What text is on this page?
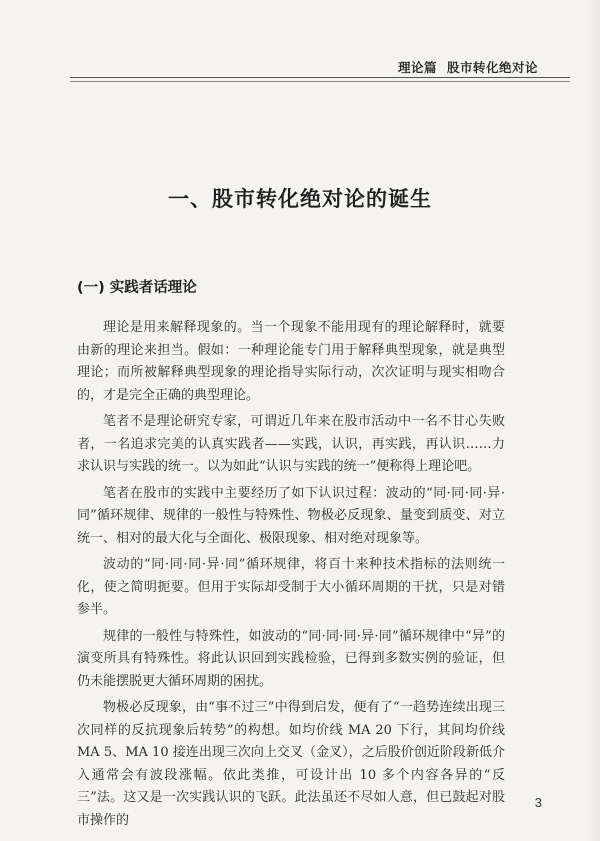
理论篇 股市转化绝对论
一、股市转化绝对论的诞生
(一) 实践者话理论

理论是用来解释现象的。当一个现象不能用现有的理论解释时，就要由新的理论来担当。假如：一种理论能专门用于解释典型现象，就是典型理论；而所被解释典型现象的理论指导实际行动，次次证明与现实相吻合的，才是完全正确的典型理论。

笔者不是理论研究专家，可谓近几年来在股市活动中一名不甘心失败者，一名追求完美的认真实践者——实践，认识，再实践，再认识……力求认识与实践的统一。以为如此“认识与实践的统一”便称得上理论吧。

笔者在股市的实践中主要经历了如下认识过程：波动的“同·同·同·异·同”循环规律、规律的一般性与特殊性、物极必反现象、量变到质变、对立统一、相对的最大化与全面化、极限现象、相对绝对现象等。

波动的“同·同·同·异·同”循环规律，将百十来种技术指标的法则统一化，使之简明扼要。但用于实际却受制于大小循环周期的干扰，只是对错参半。

规律的一般性与特殊性，如波动的“同·同·同·异·同”循环规律中“异”的演变所具有特殊性。将此认识回到实践检验，已得到多数实例的验证，但仍未能摆脱更大循环周期的困扰。

物极必反现象，由“事不过三”中得到启发，便有了“一趋势连续出现三次同样的反抗现象后转势”的构想。如均价线 MA 20 下行，其间均价线 MA 5、MA 10 接连出现三次向上交叉（金叉），之后股价创近阶段新低介入通常会有波段涨幅。依此类推，可设计出 10 多个内容各异的“反三”法。这又是一次实践认识的飞跃。此法虽还不尽如人意，但已鼓起对股市操作的

3
